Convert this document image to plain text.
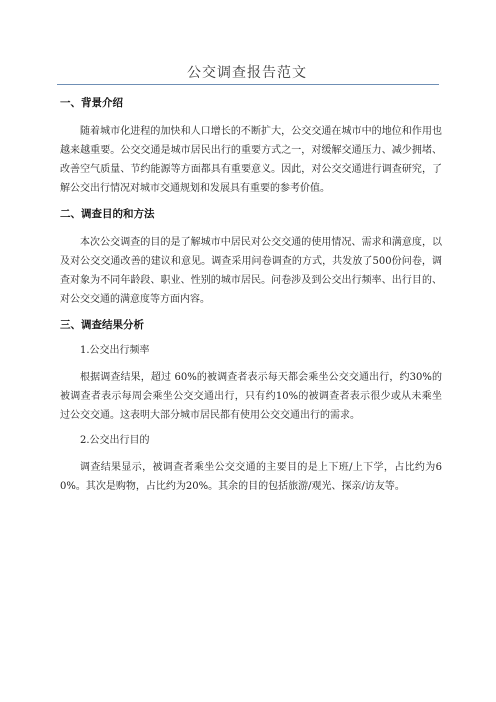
公交调查报告范文
一、背景介绍

随着城市化进程的加快和人口增长的不断扩大，公交交通在城市中的地位和作用也越来越重要。公交交通是城市居民出行的重要方式之一，对缓解交通压力、减少拥堵、改善空气质量、节约能源等方面都具有重要意义。因此，对公交交通进行调查研究，了解公交出行情况对城市交通规划和发展具有重要的参考价值。

二、调查目的和方法

本次公交调查的目的是了解城市中居民对公交交通的使用情况、需求和满意度，以及对公交交通改善的建议和意见。调查采用问卷调查的方式，共发放了500份问卷，调查对象为不同年龄段、职业、性别的城市居民。问卷涉及到公交出行频率、出行目的、对公交交通的满意度等方面内容。

三、调查结果分析
1.公交出行频率

根据调查结果，超过 60%的被调查者表示每天都会乘坐公交交通出行，约30%的被调查者表示每周会乘坐公交交通出行，只有约10%的被调查者表示很少或从未乘坐过公交交通。这表明大部分城市居民都有使用公交交通出行的需求。

2.公交出行目的

调查结果显示，被调查者乘坐公交交通的主要目的是上下班/上下学，占比约为60%。其次是购物，占比约为20%。其余的目的包括旅游/观光、探亲/访友等。
